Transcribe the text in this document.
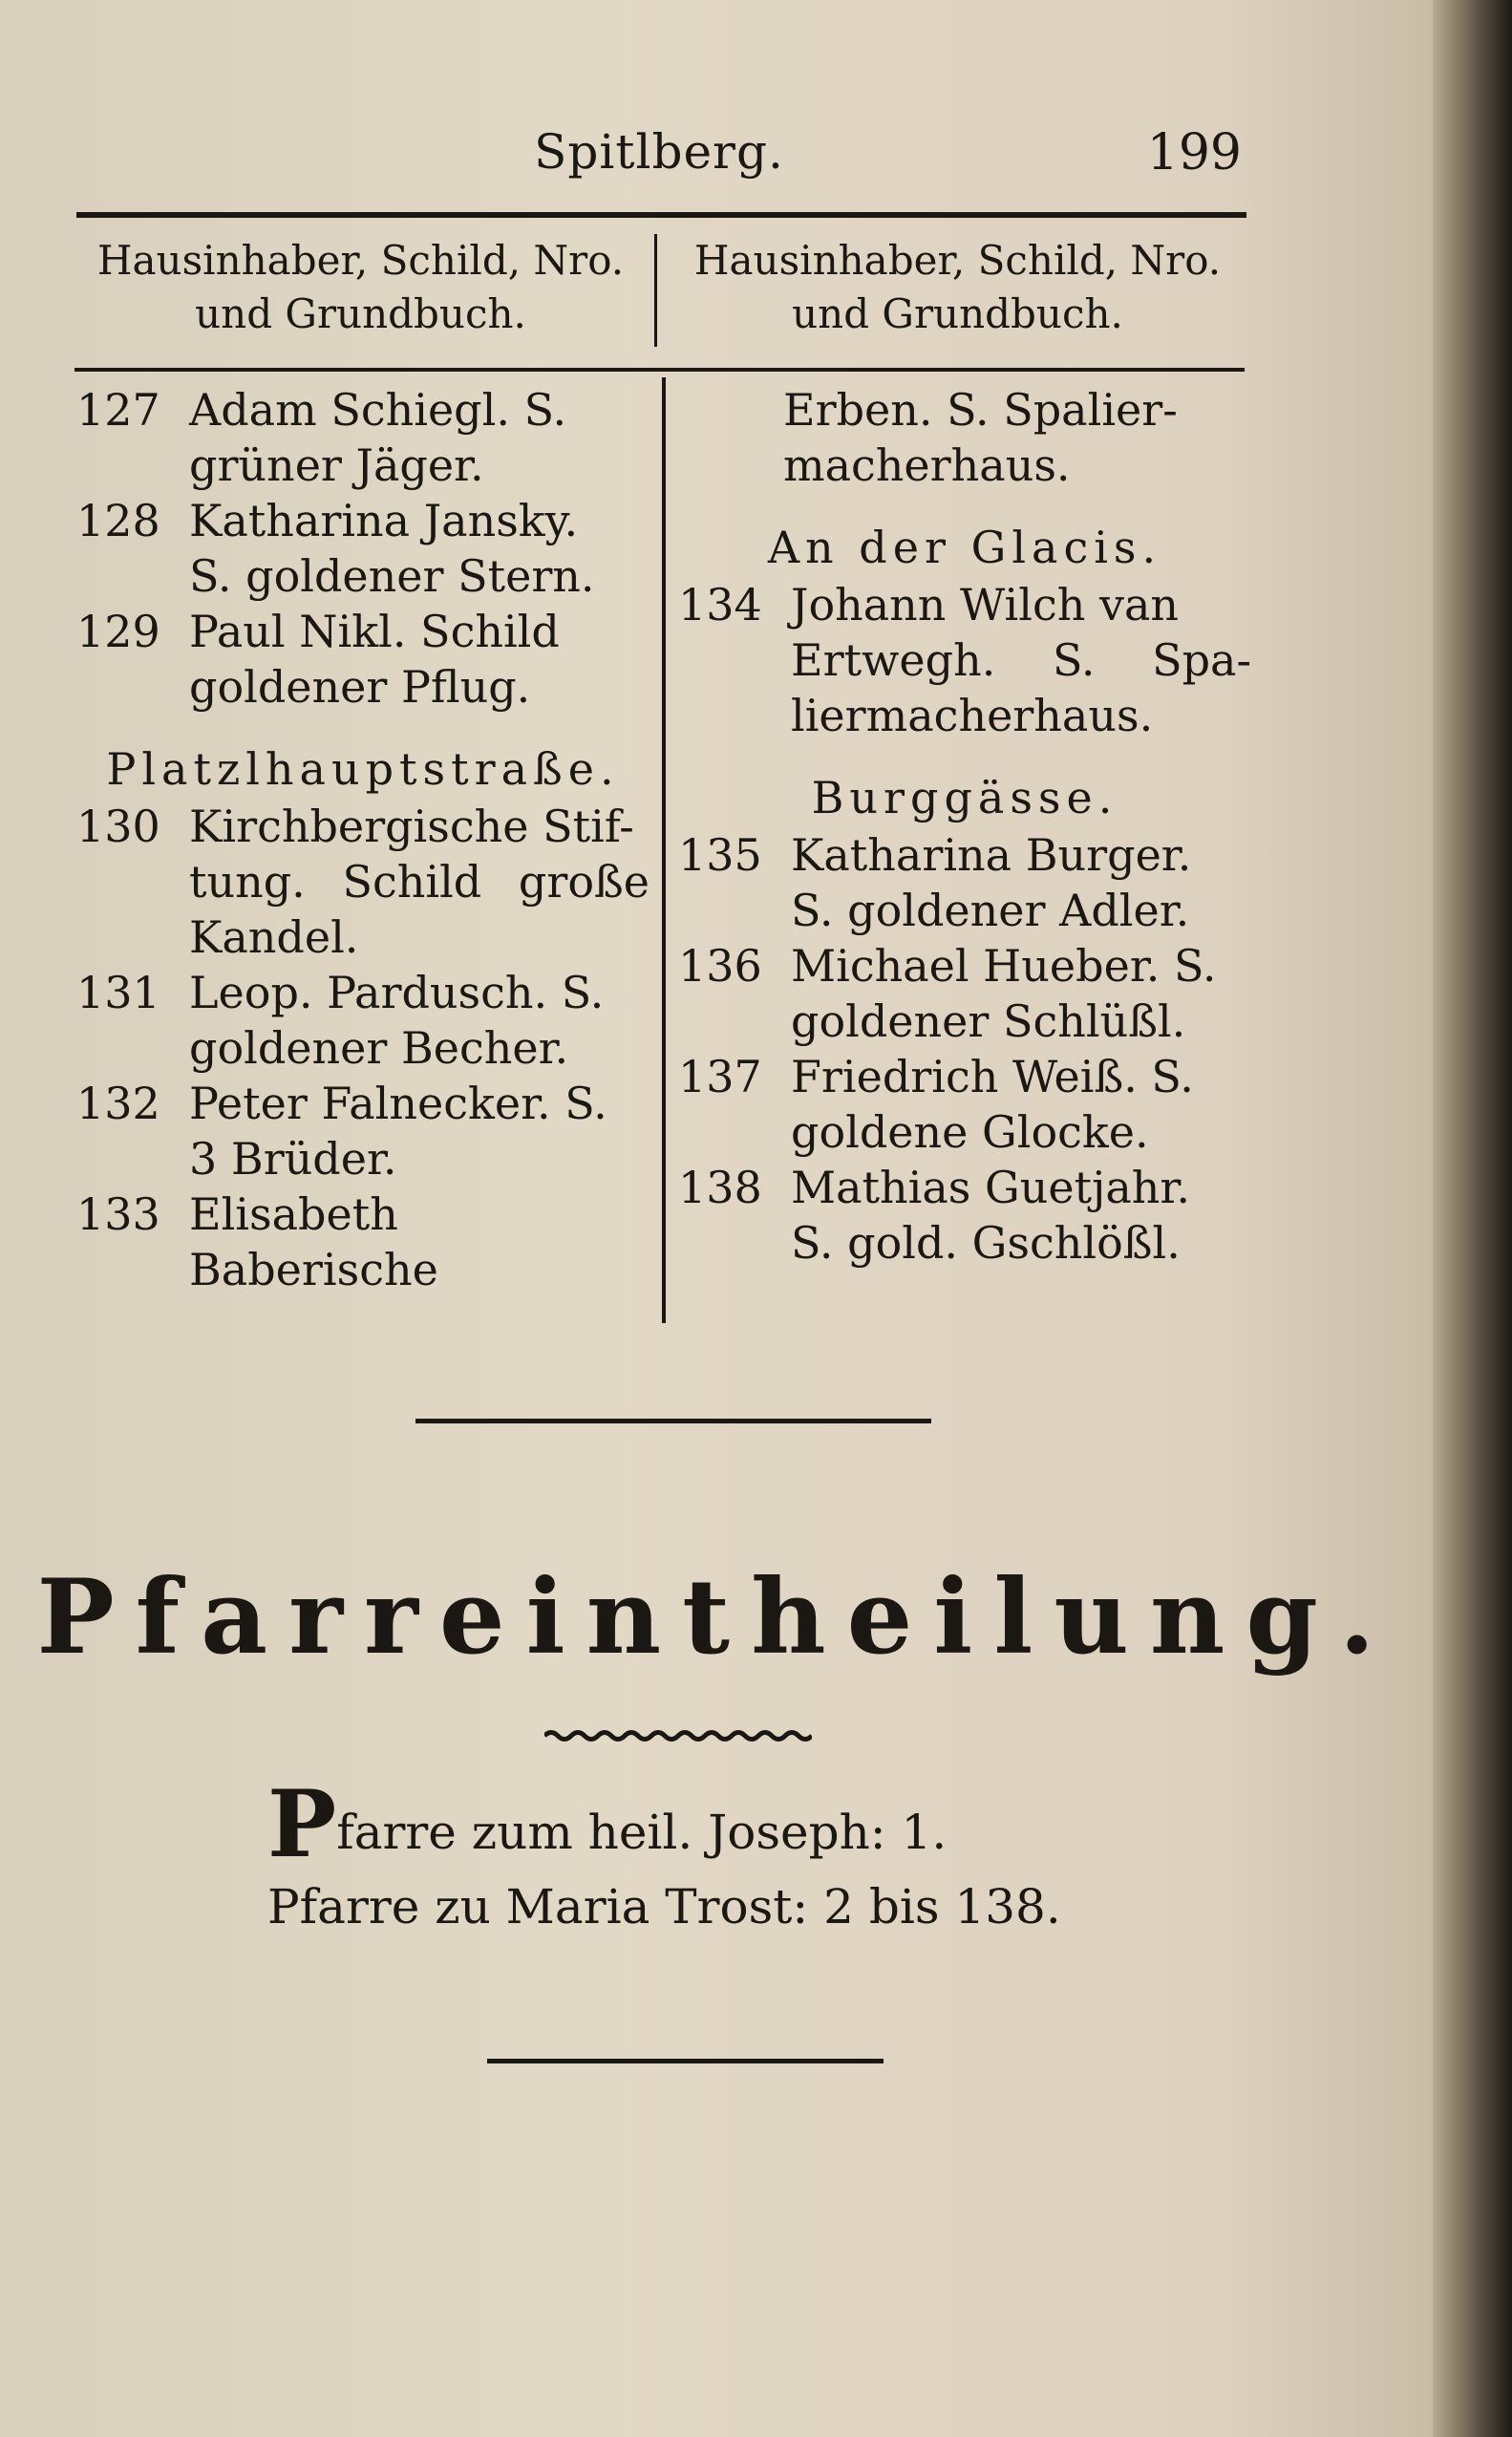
Spitlberg.	199
Hausinhaber, Schild, Nro. und Grundbuch.
Hausinhaber, Schild, Nro. und Grundbuch.
127 Adam Schiegl. S.
grüner Jäger.
128 Katharina Jansky.
S. goldener Stern.
129 Paul Nikl. Schild
goldener Pflug.
Platzlhauptstraße.
130 Kirchbergische Stif-
tung. Schild große Kandel.
131 Leop. Pardusch. S.
goldener Becher.
132 Peter Falnecker. S.
3 Brüder.
133 Elisabeth Baberische
Erben. S. Spalier-macherhaus.
An der Glacis.
134 Johann Wilch van
Ertwegh. S. Spa-liermacherhaus.
Burggässe.
135 Katharina Burger.
S. goldener Adler.
136 Michael Hueber. S.
goldener Schlüßl.
137 Friedrich Weiß. S.
goldene Glocke.
138 Mathias Guetjahr.
S. gold. Gschlößl.
Pfarreintheilung.
Pfarre zum heil. Joseph: 1.
Pfarre zu Maria Trost: 2 bis 138.
